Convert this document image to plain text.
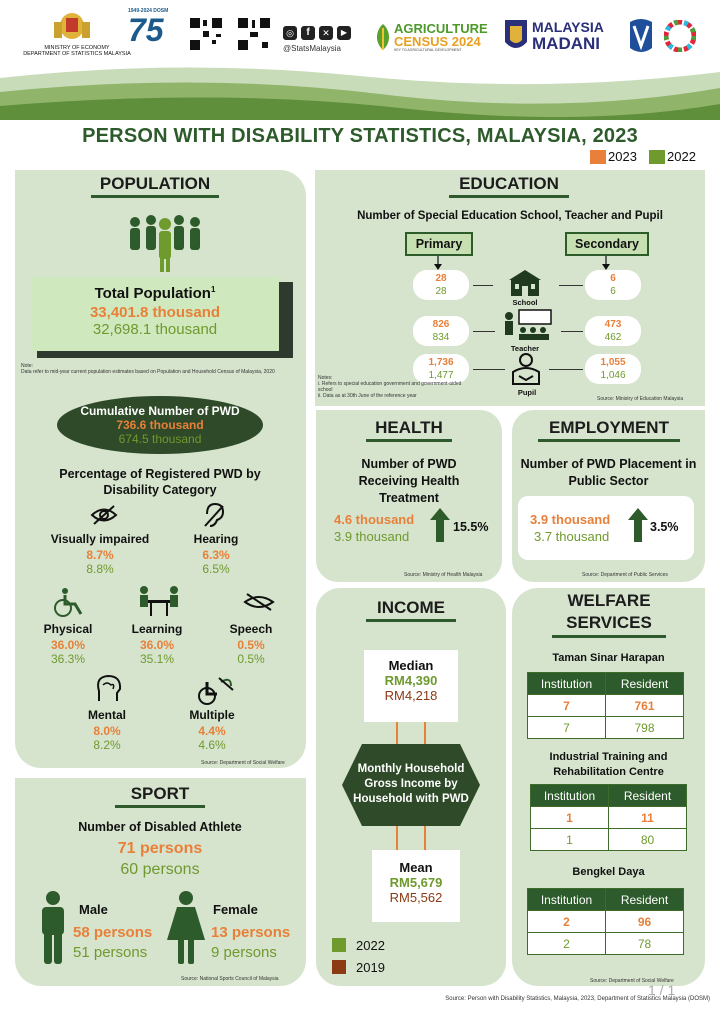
MINISTRY OF ECONOMY
DEPARTMENT OF STATISTICS MALAYSIA
1949-2024 DOSM
75	◎	f	✕	▶
@StatsMalaysia
AGRICULTURE
CENSUS 2024
KEY TO AGRICULTURAL DEVELOPMENT
MALAYSIA
MADANI
PERSON WITH DISABILITY STATISTICS, MALAYSIA, 2023
2023 2022
POPULATION
Total Population$^1$
33,401.8 thousand
32,698.1 thousand
Note:
Data refer to mid-year current population estimates based on Population and Household Census of Malaysia, 2020
Cumulative Number of PWD
736.6 thousand
674.5 thousand
Percentage of Registered PWD by Disability Category
Visually impaired
8.7%
8.8%
Hearing
6.3%
6.5%
Physical
36.0%
36.3%
Learning
36.0%
35.1%
Speech
0.5%
0.5%
Mental
8.0%
8.2%
Multiple
4.4%
4.6%
Source: Department of Social Welfare
SPORT
Number of Disabled Athlete
71 persons
60 persons
Male
58 persons
51 persons
Female
13 persons
9 persons
Source: National Sports Council of Malaysia
EDUCATION
Number of Special Education School, Teacher and Pupil
Primary	Secondary
28
28
6
6
School
826
834
473
462
Teacher
1,736
1,477
1,055
1,046
Pupil
Notes:
i. Refers to special education government and government-aided school
ii. Data as at 30th June of the reference year	Source: Ministry of Education Malaysia
HEALTH
Number of PWD Receiving Health Treatment
4.6 thousand
3.9 thousand
15.5%
Source: Ministry of Health Malaysia
EMPLOYMENT
Number of PWD Placement in Public Sector
3.9 thousand
3.7 thousand
3.5%
Source: Department of Public Services
INCOME
Median
RM4,390
RM4,218
Monthly Household Gross Income by Household with PWD
Mean
RM5,679
RM5,562
2022
2019
WELFARE SERVICES
Taman Sinar Harapan
Institution	Resident
7	761
7	798
Industrial Training and Rehabilitation Centre
Institution	Resident
1	11
1	80
Bengkel Daya
Institution	Resident
2	96
2	78
Source: Department of Social Welfare
Source: Person with Disability Statistics, Malaysia, 2023, Department of Statistics Malaysia (DOSM)
1 / 1
